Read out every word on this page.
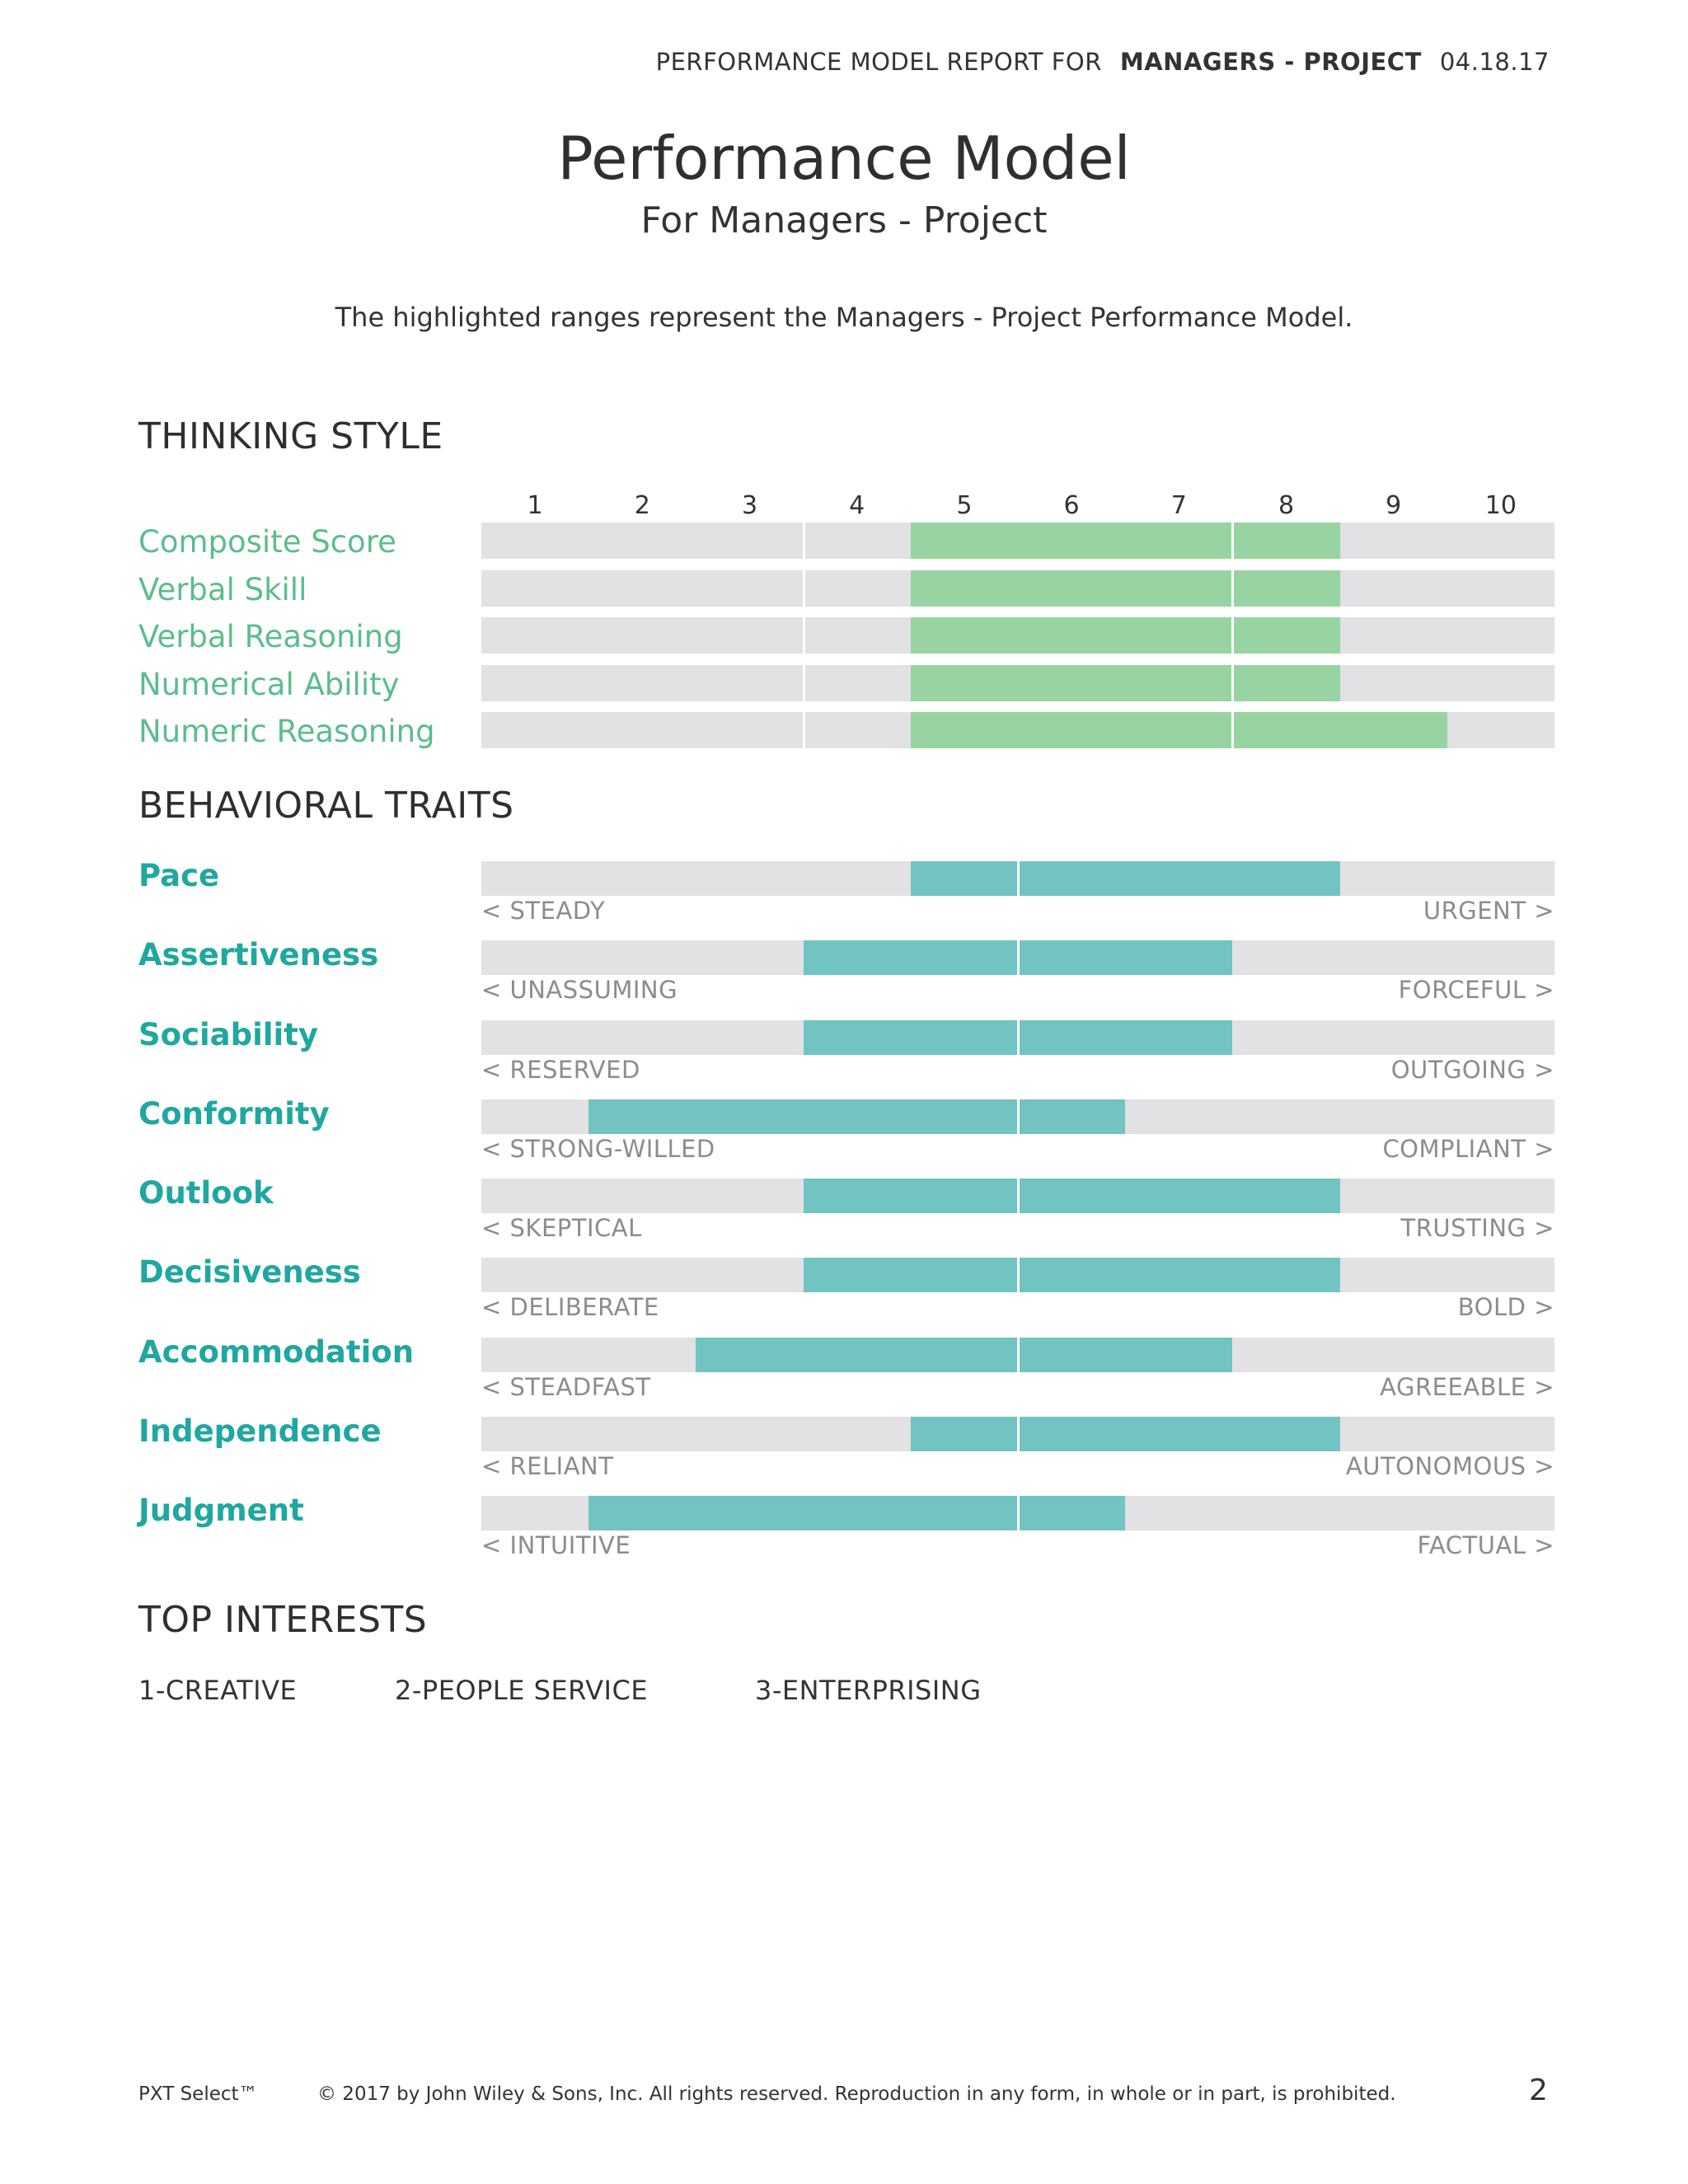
PERFORMANCE MODEL REPORT FOR MANAGERS - PROJECT 04.18.17
Performance Model
For Managers - Project
The highlighted ranges represent the Managers - Project Performance Model.
THINKING STYLE
1	2	3	4	5	6	7	8	9	10
Composite Score
Verbal Skill
Verbal Reasoning
Numerical Ability
Numeric Reasoning
BEHAVIORAL TRAITS
Pace
< STEADY	URGENT >
Assertiveness
< UNASSUMING	FORCEFUL >
Sociability
< RESERVED	OUTGOING >
Conformity
< STRONG-WILLED	COMPLIANT >
Outlook
< SKEPTICAL	TRUSTING >
Decisiveness
< DELIBERATE	BOLD >
Accommodation
< STEADFAST	AGREEABLE >
Independence
< RELIANT	AUTONOMOUS >
Judgment
< INTUITIVE	FACTUAL >
TOP INTERESTS
1-CREATIVE	2-PEOPLE SERVICE	3-ENTERPRISING
PXT Select™	© 2017 by John Wiley & Sons, Inc. All rights reserved. Reproduction in any form, in whole or in part, is prohibited.	2
